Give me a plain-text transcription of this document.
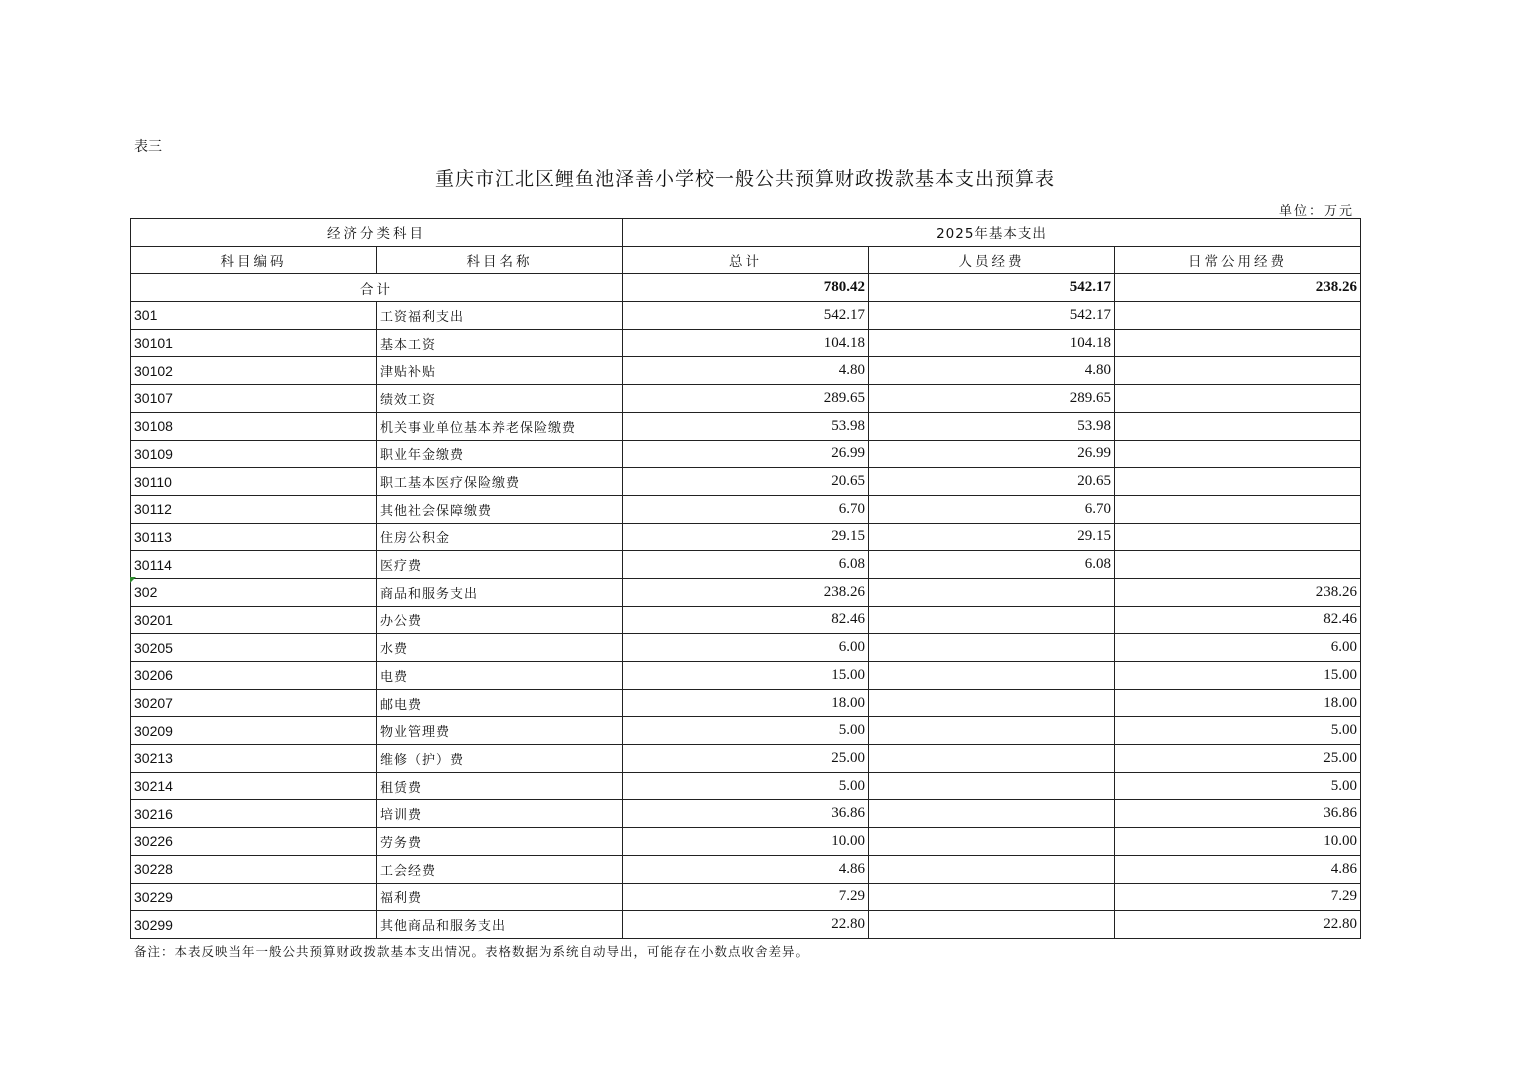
表三
重庆市江北区鲤鱼池泽善小学校一般公共预算财政拨款基本支出预算表
单位：万元
经济分类科目		2025年基本支出		
科目编码	科目名称	总计	人员经费	日常公用经费
合计		780.42	542.17	238.26
301	工资福利支出	542.17	542.17	
30101	基本工资	104.18	104.18	
30102	津贴补贴	4.80	4.80	
30107	绩效工资	289.65	289.65	
30108	机关事业单位基本养老保险缴费	53.98	53.98	
30109	职业年金缴费	26.99	26.99	
30110	职工基本医疗保险缴费	20.65	20.65	
30112	其他社会保障缴费	6.70	6.70	
30113	住房公积金	29.15	29.15	
30114	医疗费	6.08	6.08	
302	商品和服务支出	238.26		238.26
30201	办公费	82.46		82.46
30205	水费	6.00		6.00
30206	电费	15.00		15.00
30207	邮电费	18.00		18.00
30209	物业管理费	5.00		5.00
30213	维修（护）费	25.00		25.00
30214	租赁费	5.00		5.00
30216	培训费	36.86		36.86
30226	劳务费	10.00		10.00
30228	工会经费	4.86		4.86
30229	福利费	7.29		7.29
30299	其他商品和服务支出	22.80		22.80
备注：本表反映当年一般公共预算财政拨款基本支出情况。表格数据为系统自动导出，可能存在小数点收舍差异。
